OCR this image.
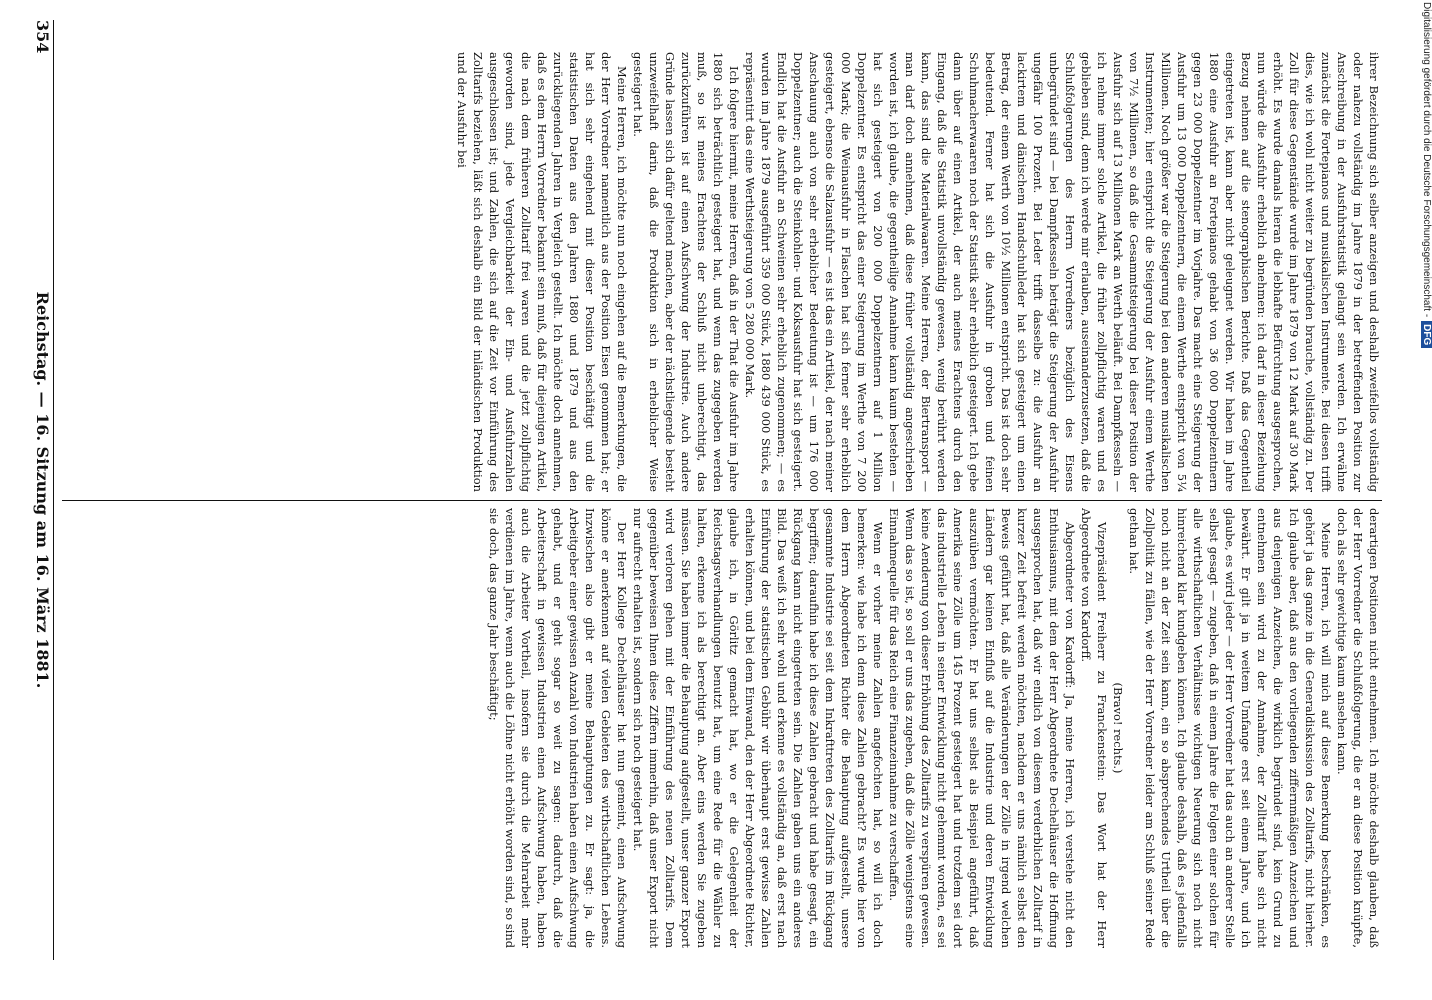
ihrer Bezeichnung sich selber anzeigen und deshalb zweifellos vollständig oder nahezu vollständig im Jahre 1879 in der betreffenden Position zur Anschreibung in der Ausfuhrstatistik gelangt sein werden. Ich erwähne zunächst die Fortepianos und musikalischen Instrumente. Bei diesen trifft dies, wie ich wohl nicht weiter zu begründen brauche, vollständig zu. Der Zoll für diese Gegenstände wurde im Jahre 1879 von 12 Mark auf 30 Mark erhöht. Es wurde damals hieran die lebhafte Befürchtung ausgesprochen, nun würde die Ausfuhr erheblich abnehmen: ich darf in dieser Beziehung Bezug nehmen auf die stenographischen Berichte. Daß das Gegentheil eingetreten ist, kann aber nicht geleugnet werden. Wir haben im Jahre 1880 eine Ausfuhr an Fortepianos gehabt von 36 000 Doppelzentnern gegen 23 000 Doppelzentner im Vorjahre. Das macht eine Steigerung der Ausfuhr um 13 000 Doppelzentnern, die einem Werthe entspricht von 5¼ Millionen. Noch größer war die Steigerung bei den anderen musikalischen Instrumenten; hier entspricht die Steigerung der Ausfuhr einem Werthe von 7½ Millionen, so daß die Gesammtsteigerung bei dieser Position der Ausfuhr sich auf 13 Millionen Mark an Werth beläuft. Bei Dampfkesseln — ich nehme immer solche Artikel, die früher zollpflichtig waren und es geblieben sind, denn ich werde mir erlauben, auseinanderzusetzen, daß die Schlußfolgerungen des Herrn Vorredners bezüglich des Eisens unbegründet sind — bei Dampfkesseln beträgt die Steigerung der Ausfuhr ungefähr 100 Prozent. Bei Leder trifft dasselbe zu: die Ausfuhr an lackirtem und dänischem Handschuhleder hat sich gesteigert um einen Betrag, der einem Werth von 10½ Millionen entspricht. Das ist doch sehr bedeutend. Ferner hat sich die Ausfuhr in groben und feinen Schuhmacherwaaren noch der Statistik sehr erheblich gesteigert. Ich gebe dann über auf einen Artikel, der auch meines Erachtens durch den Eingang, daß die Statistik unvollständig gewesen, wenig berührt werden kann, das sind die Materialwaaren. Meine Herren, der Biertransport — man darf doch annehmen, daß diese früher vollständig angeschrieben worden ist, ich glaube, die gegentheilige Annahme kann kaum bestehen — hat sich gesteigert von 200 000 Doppelzentnern auf 1 Million Doppelzentner. Es entspricht das einer Steigerung im Werthe von 7 200 000 Mark; die Weinausfuhr in Flaschen hat sich ferner sehr erheblich gesteigert, ebenso die Salzausfuhr — es ist das ein Artikel, der nach meiner Anschauung auch von sehr erheblicher Bedeutung ist — um 176 000 Doppelzentner; auch die Steinkohlen- und Koksausfuhr hat sich gesteigert. Endlich hat die Ausfuhr an Schweinen sehr erheblich zugenommen; — es wurden im Jahre 1879 ausgeführt 359 000 Stück, 1880 439 000 Stück, es repräsentirt das eine Werthsteigerung von 5 280 000 Mark.

Ich folgere hiermit, meine Herren, daß in der That die Ausfuhr im Jahre 1880 sich beträchtlich gesteigert hat, und wenn das zugegeben werden muß, so ist meines Erachtens der Schluß nicht unberechtigt, das zurückzuführen ist auf einen Aufschwung der Industrie. Auch andere Gründe lassen sich dafür geltend machen, aber der nächstliegende besteht unzweifelhaft darin, daß die Produktion sich in erheblicher Weise gesteigert hat.

Meine Herren, ich möchte nun noch eingehen auf die Bemerkungen, die der Herr Vorredner namentlich aus der Position Eisen genommen hat; er hat sich sehr eingehend mit dieser Position beschäftigt und die statistischen Daten aus den Jahren 1880 und 1879 und aus den zurückliegenden Jahren in Vergleich gestellt. Ich möchte doch annehmen, daß es dem Herrn Vorredner bekannt sein muß, daß für diejenigen Artikel, die nach dem früheren Zolltarif frei waren und die jetzt zollpflichtig geworden sind, jede Vergleichbarkeit der Ein- und Ausfuhrzahlen ausgeschlossen ist; und Zahlen, die sich auf die Zeit vor Einführung des Zolltarifs beziehen, läßt sich deshalb ein Bild der inländischen Produktion und der Ausfuhr bei

derartigen Positionen nicht entnehmen. Ich möchte deshalb glauben, daß der Herr Vorredner die Schlußfolgerung, die er an diese Position knüpfte, doch als sehr gewichtige kaum ansehen kann.

Meine Herren, ich will mich auf diese Bemerkung beschränken, es gehört ja das ganze in die Generaldiskussion des Zolltarifs, nicht hierher. Ich glaube aber, daß aus den vorliegenden ziffernmäßigen Anzeichen und aus denjenigen Anzeichen, die wirklich begründet sind, kein Grund zu entnehmen sein wird zu der Annahme, der Zolltarif habe sich nicht bewährt. Er gilt ja in weitem Umfange erst seit einem Jahre, und ich glaube, es wird jeder — der Herr Vorredner hat das auch an anderer Stelle selbst gesagt — zugeben, daß in einem Jahre die Folgen einer solchen für alle wirthschaftlichen Verhältnisse wichtigen Neuerung sich noch nicht hinreichend klar kundgeben können. Ich glaube deshalb, daß es jedenfalls noch nicht an der Zeit sein kann, ein so absprechendes Urtheil über die Zollpolitik zu fällen, wie der Herr Vorredner leider am Schluß seiner Rede gethan hat.

(Bravo! rechts.)

Vizepräsident Freiherr zu Franckenstein: Das Wort hat der Herr Abgeordnete von Kardorff.

Abgeordneter von Kardorff: Ja, meine Herren, ich verstehe nicht den Enthusiasmus, mit dem der Herr Abgeordnete Dechelhäuser die Hoffnung ausgesprochen hat, daß wir endlich von diesem verderblichen Zolltarif in kurzer Zeit befreit werden möchten, nachdem er uns nämlich selbst den Beweis geführt hat, daß alle Veränderungen der Zölle in irgend welchen Ländern gar keinen Einfluß auf die Industrie und deren Entwicklung auszuüben vermöchten. Er hat uns selbst als Beispiel angeführt, daß Amerika seine Zölle um 145 Prozent gesteigert hat und trotzdem sei dort das industrielle Leben in seiner Entwicklung nicht gehemmt worden, es sei keine Aenderung von dieser Erhöhung des Zolltarifs zu verspüren gewesen. Wenn das so ist, so soll er uns das zugeben, daß die Zölle wenigstens eine Einnahmequelle für das Reich eine Finanzeinnahme zu verschaffen.

Wenn er vorher meine Zahlen angefochten hat, so will ich doch bemerken: wie habe ich denn diese Zahlen gebracht? Es wurde hier von dem Herrn Abgeordneten Richter die Behauptung aufgestellt, unsere gesammte Industrie sei seit dem Inkrafttreten des Zolltarifs im Rückgang begriffen; daraufhin habe ich diese Zahlen gebracht und habe gesagt, ein Rückgang kann nicht eingetreten sein. Die Zahlen gaben uns ein anderes Bild. Das weiß ich sehr wohl und erkenne es vollständig an, daß erst nach Einführung der statistischen Gebühr wir überhaupt erst gewisse Zahlen erhalten können, und bei dem Einwand, den der Herr Abgeordnete Richter, glaube ich, in Görlitz gemacht hat, wo er die Gelegenheit der Reichstagsverhandlungen benutzt hat, um eine Rede für die Wähler zu halten, erkenne ich als berechtigt an. Aber eins werden Sie zugeben müssen. Sie haben immer die Behauptung aufgestellt, unser ganzer Export wird verloren gehen mit der Einführung des neuen Zolltarifs. Dem gegenüber beweisen Ihnen diese Ziffern immerhin, daß unser Export nicht nur aufrecht erhalten ist, sondern sich noch gesteigert hat.

Der Herr Kollege Dechelhäuser hat nun gemeint, einen Aufschwung könne er anerkennen auf vielen Gebieten des wirthschaftlichen Lebens. Inzwischen also gibt er meine Behauptungen zu. Er sagt: ja, die Arbeitgeber einer gewissen Anzahl von Industrien haben einen Aufschwung gehabt, und er geht sogar so weit zu sagen: dadurch, daß die Arbeiterschaft in gewissen Industrien einen Aufschwung haben, haben auch die Arbeiter Vortheil, insofern sie durch die Mehrarbeit mehr verdienen im Jahre, wenn auch die Löhne nicht erhöht worden sind, so sind sie doch, das ganze Jahr beschäftigt;

354
Reichstag. — 16. Sitzung am 16. März 1881.
Digitalisierung gefördert durch die Deutsche Forschungsgemeinschaft -DFG
